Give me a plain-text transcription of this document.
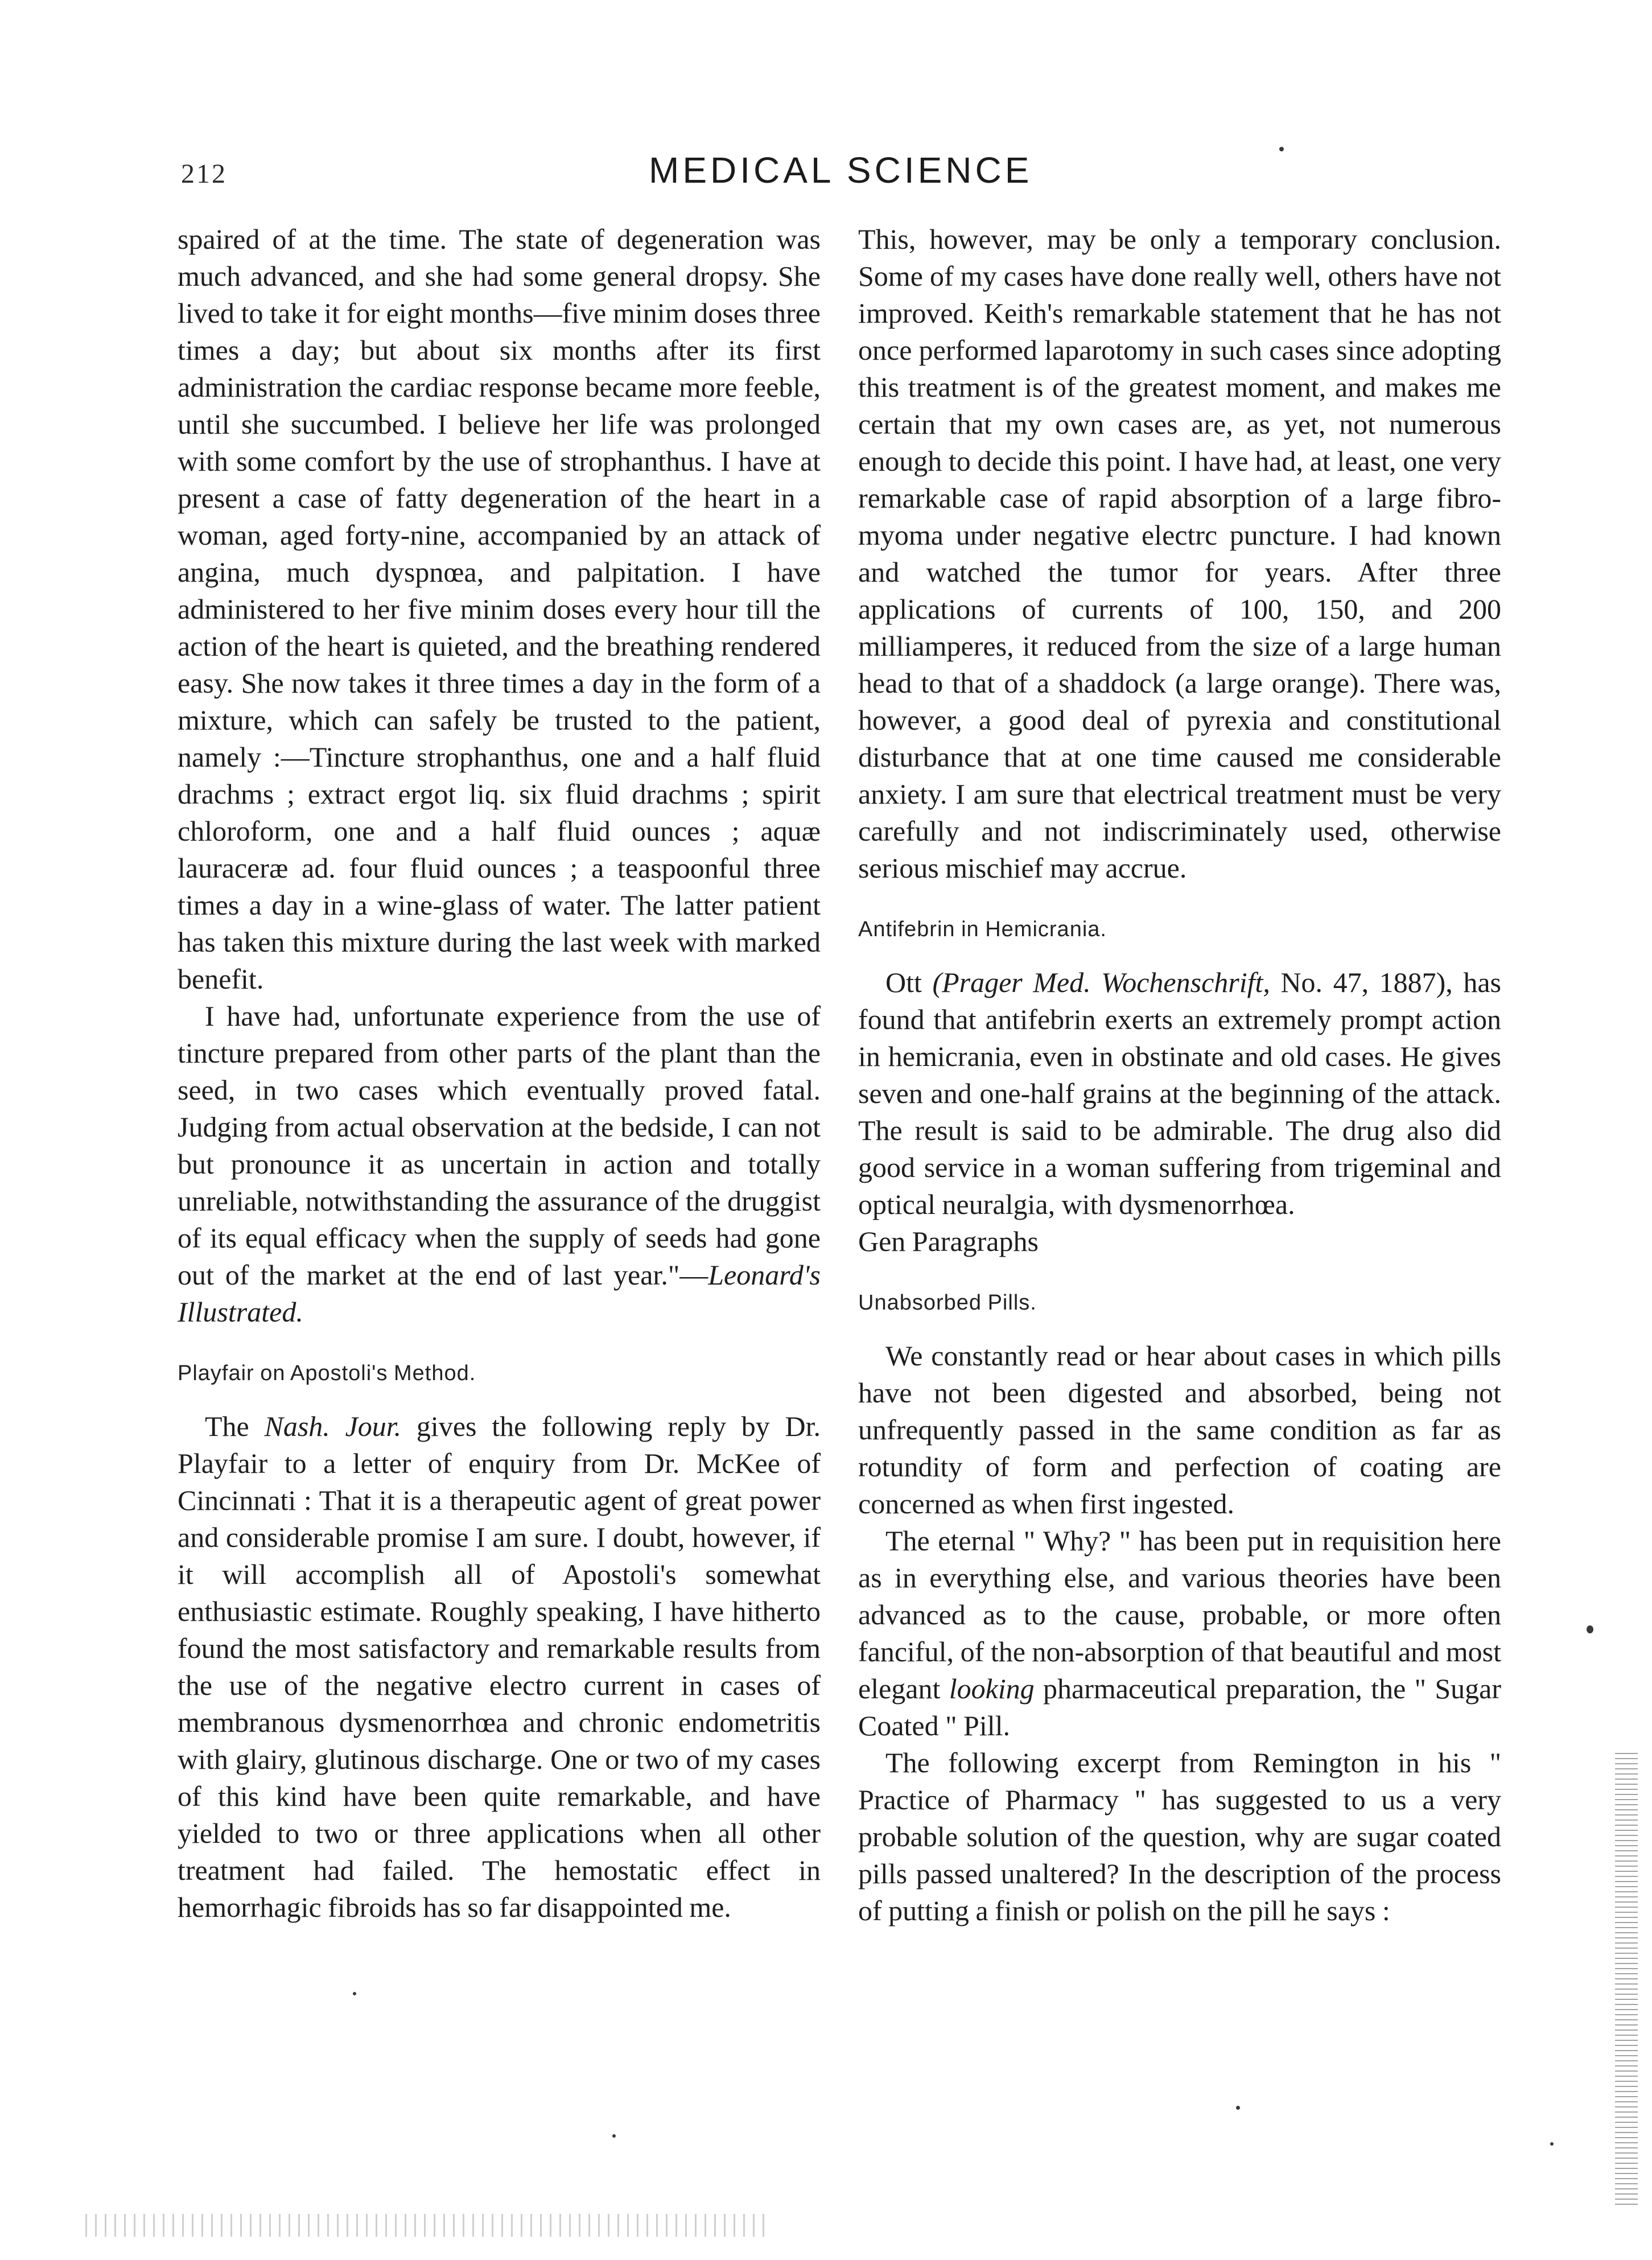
212	MEDICAL SCIENCE

spaired of at the time. The state of degeneration was much advanced, and she had some general dropsy. She lived to take it for eight months—five minim doses three times a day; but about six months after its first administration the cardiac response became more feeble, until she succumbed. I believe her life was prolonged with some comfort by the use of strophanthus. I have at present a case of fatty degeneration of the heart in a woman, aged forty-nine, accompanied by an attack of angina, much dyspnœa, and palpitation. I have administered to her five minim doses every hour till the action of the heart is quieted, and the breathing rendered easy. She now takes it three times a day in the form of a mixture, which can safely be trusted to the patient, namely :—Tincture strophanthus, one and a half fluid drachms ; extract ergot liq. six fluid drachms ; spirit chloroform, one and a half fluid ounces ; aquæ lauraceræ ad. four fluid ounces ; a teaspoonful three times a day in a wine-glass of water. The latter patient has taken this mixture during the last week with marked benefit.

I have had, unfortunate experience from the use of tincture prepared from other parts of the plant than the seed, in two cases which eventually proved fatal. Judging from actual observation at the bedside, I can not but pronounce it as uncertain in action and totally unreliable, notwithstanding the assurance of the druggist of its equal efficacy when the supply of seeds had gone out of the market at the end of last year."—Leonard's Illustrated.

Playfair on Apostoli's Method.

The Nash. Jour. gives the following reply by Dr. Playfair to a letter of enquiry from Dr. McKee of Cincinnati : That it is a therapeutic agent of great power and considerable promise I am sure. I doubt, however, if it will accomplish all of Apostoli's somewhat enthusiastic estimate. Roughly speaking, I have hitherto found the most satisfactory and remarkable results from the use of the negative electro current in cases of membranous dysmenorrhœa and chronic endometritis with glairy, glutinous discharge. One or two of my cases of this kind have been quite remarkable, and have yielded to two or three applications when all other treatment had failed. The hemostatic effect in hemorrhagic fibroids has so far disappointed me.

This, however, may be only a temporary conclusion. Some of my cases have done really well, others have not improved. Keith's remarkable statement that he has not once performed laparotomy in such cases since adopting this treatment is of the greatest moment, and makes me certain that my own cases are, as yet, not numerous enough to decide this point. I have had, at least, one very remarkable case of rapid absorption of a large fibro-myoma under negative electrc puncture. I had known and watched the tumor for years. After three applications of currents of 100, 150, and 200 milliamperes, it reduced from the size of a large human head to that of a shaddock (a large orange). There was, however, a good deal of pyrexia and constitutional disturbance that at one time caused me considerable anxiety. I am sure that electrical treatment must be very carefully and not indiscriminately used, otherwise serious mischief may accrue.

Antifebrin in Hemicrania.

Ott (Prager Med. Wochenschrift, No. 47, 1887), has found that antifebrin exerts an extremely prompt action in hemicrania, even in obstinate and old cases. He gives seven and one-half grains at the beginning of the attack. The result is said to be admirable. The drug also did good service in a woman suffering from trigeminal and optical neuralgia, with dysmenorrhœa.

Gen Paragraphs

Unabsorbed Pills.

We constantly read or hear about cases in which pills have not been digested and absorbed, being not unfrequently passed in the same condition as far as rotundity of form and perfection of coating are concerned as when first ingested.

The eternal " Why? " has been put in requisition here as in everything else, and various theories have been advanced as to the cause, probable, or more often fanciful, of the non-absorption of that beautiful and most elegant looking pharmaceutical preparation, the " Sugar Coated " Pill.

The following excerpt from Remington in his " Practice of Pharmacy " has suggested to us a very probable solution of the question, why are sugar coated pills passed unaltered? In the description of the process of putting a finish or polish on the pill he says :
